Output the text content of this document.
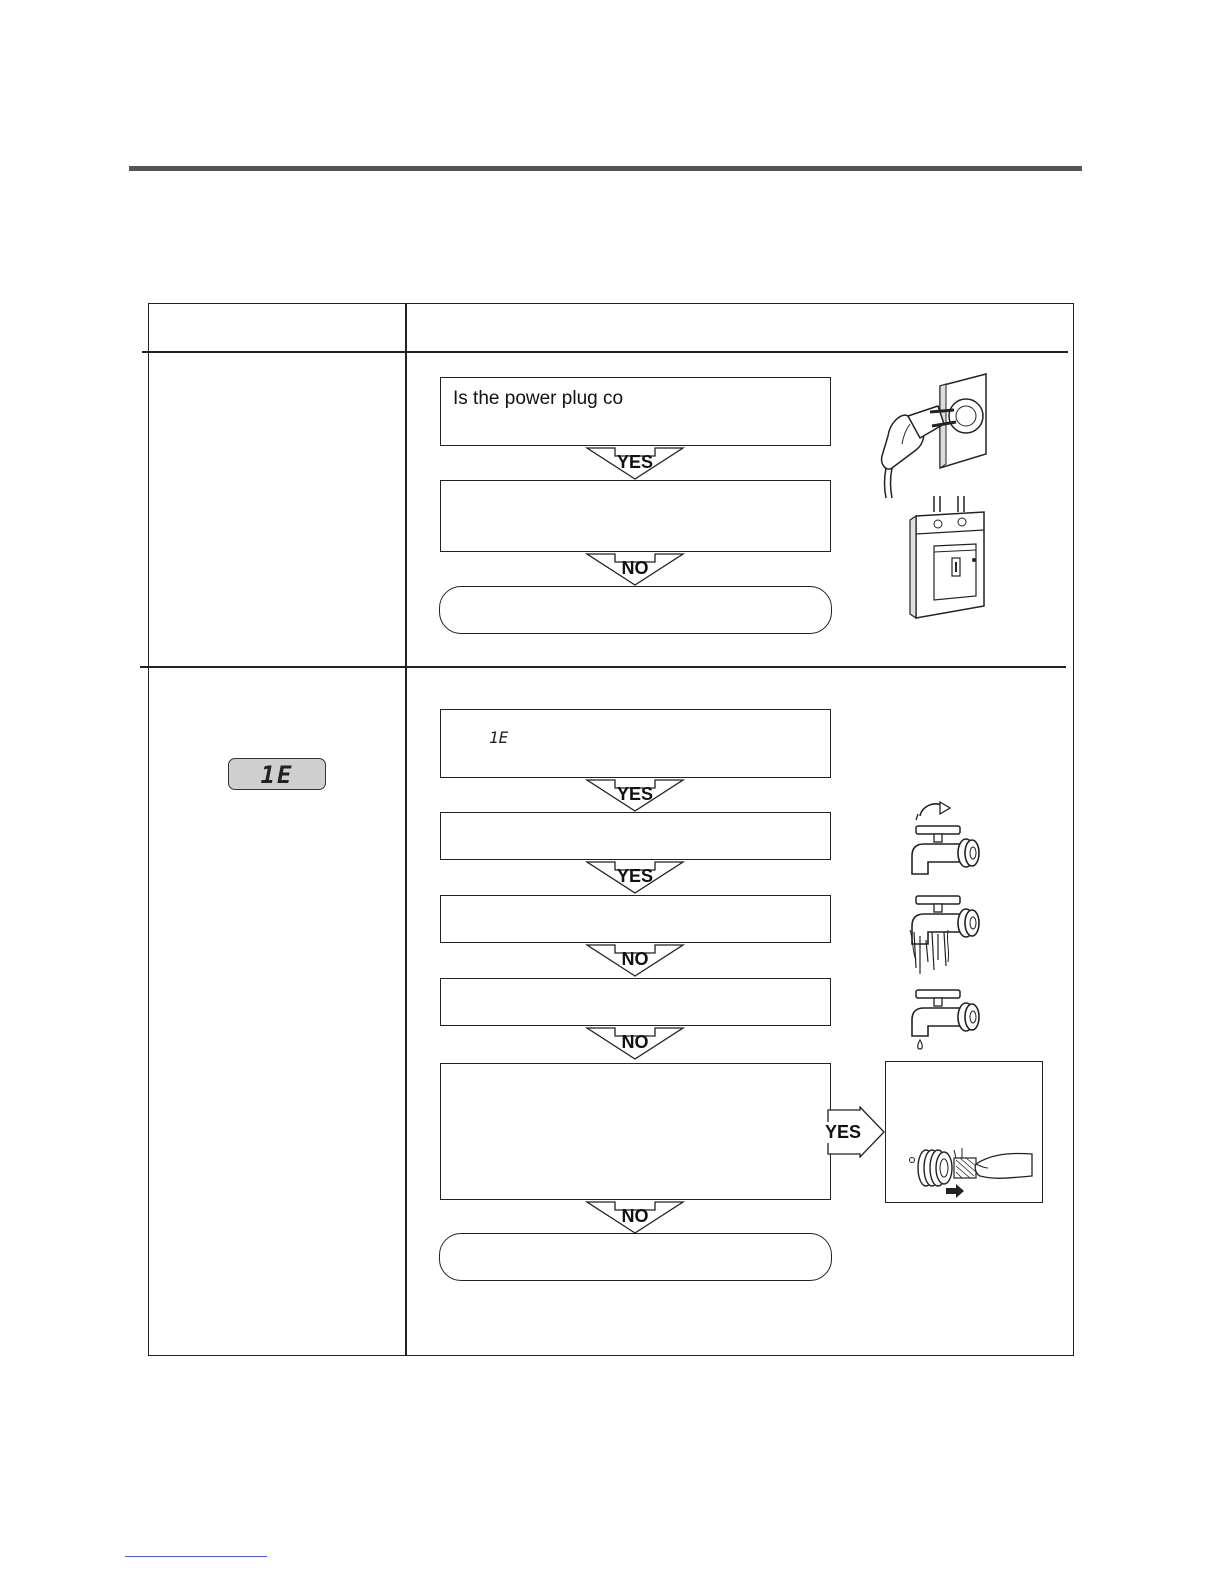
Is the power plug co
YES
NO
1E
1E
YES
YES
NO
NO
NO
YES
